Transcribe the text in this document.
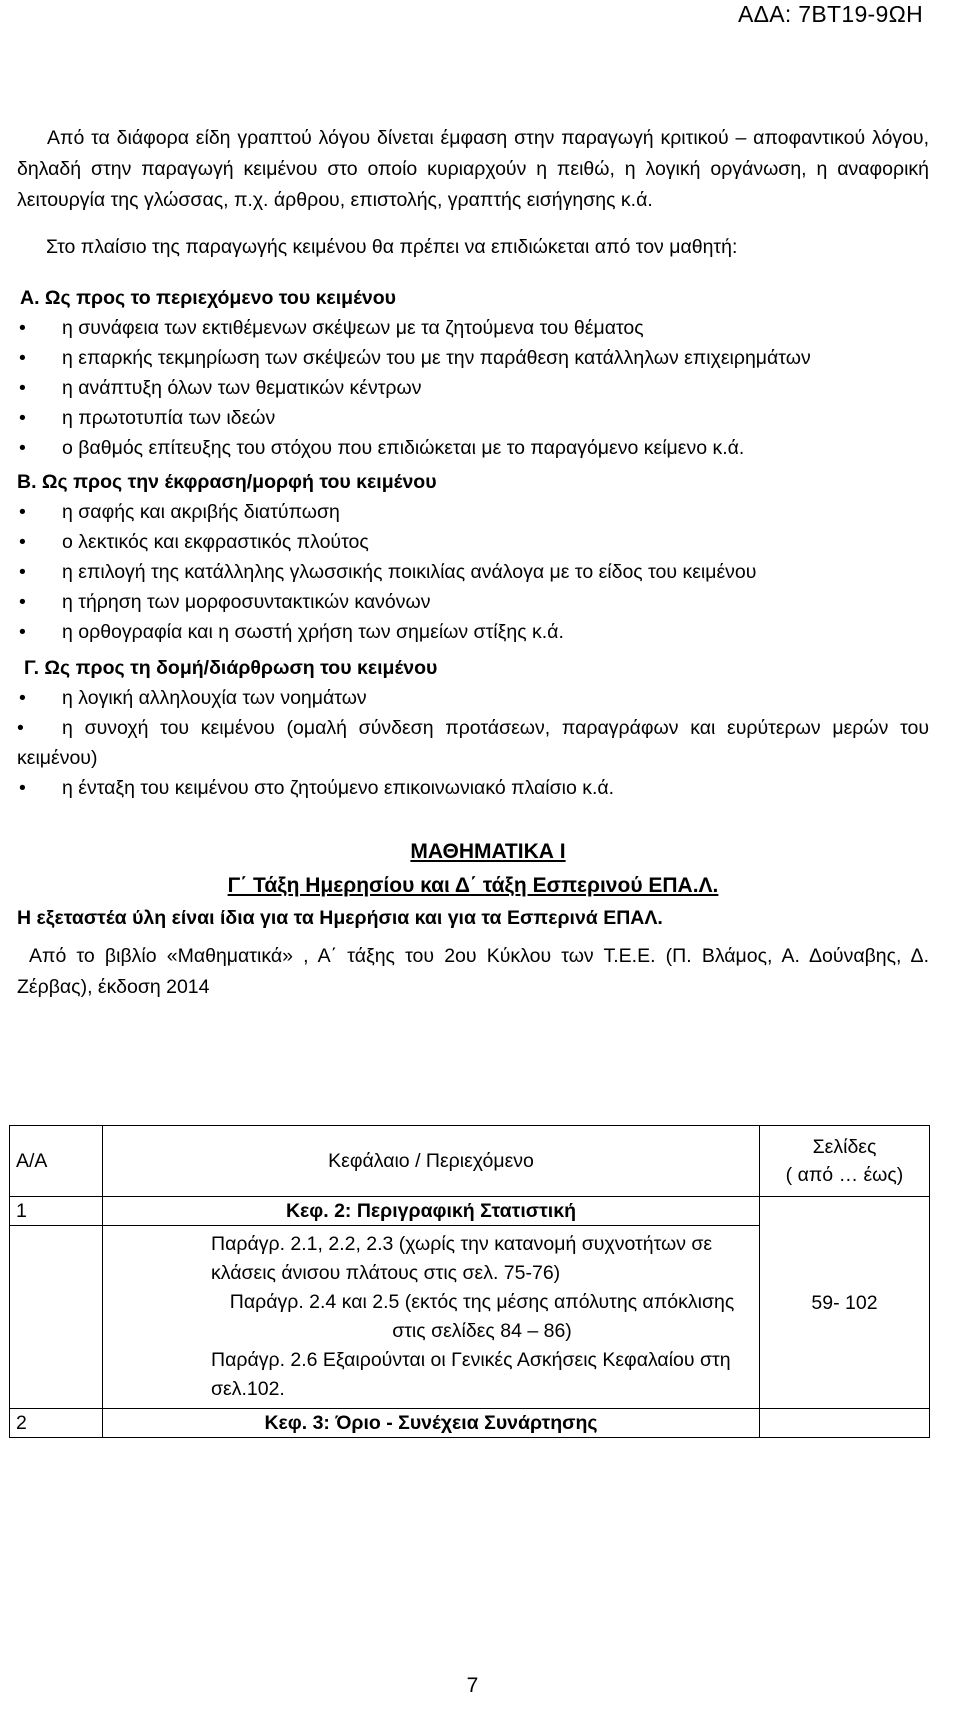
ΑΔΑ: 7ΒΤ19-9ΩΗ

Από τα διάφορα είδη γραπτού λόγου δίνεται έμφαση στην παραγωγή κριτικού – αποφαντικού λόγου, δηλαδή στην παραγωγή κειμένου στο οποίο κυριαρχούν η πειθώ, η λογική οργάνωση, η αναφορική λειτουργία της γλώσσας, π.χ. άρθρου, επιστολής, γραπτής εισήγησης κ.ά.

Στο πλαίσιο της παραγωγής κειμένου θα πρέπει να επιδιώκεται από τον μαθητή:

Α. Ως προς το περιεχόμενο του κειμένου

• η συνάφεια των εκτιθέμενων σκέψεων με τα ζητούμενα του θέματος
• η επαρκής τεκμηρίωση των σκέψεών του με την παράθεση κατάλληλων επιχειρημάτων
• η ανάπτυξη όλων των θεματικών κέντρων
• η πρωτοτυπία των ιδεών
• ο βαθμός επίτευξης του στόχου που επιδιώκεται με το παραγόμενο κείμενο κ.ά.

Β. Ως προς την έκφραση/μορφή του κειμένου

• η σαφής και ακριβής διατύπωση
• ο λεκτικός και εκφραστικός πλούτος
• η επιλογή της κατάλληλης γλωσσικής ποικιλίας ανάλογα με το είδος του κειμένου
• η τήρηση των μορφοσυντακτικών κανόνων
• η ορθογραφία και η σωστή χρήση των σημείων στίξης κ.ά.

Γ. Ως προς τη δομή/διάρθρωση του κειμένου

• η λογική αλληλουχία των νοημάτων
• η συνοχή του κειμένου (ομαλή σύνδεση προτάσεων, παραγράφων και ευρύτερων μερών του κειμένου)
• η ένταξη του κειμένου στο ζητούμενο επικοινωνιακό πλαίσιο κ.ά.

ΜΑΘΗΜΑΤΙΚΑ Ι

Γ΄ Τάξη Ημερησίου και Δ΄ τάξη Εσπερινού ΕΠΑ.Λ.

Η εξεταστέα ύλη είναι ίδια για τα Ημερήσια και για τα Εσπερινά ΕΠΑΛ.

Από το βιβλίο «Μαθηματικά» , Α΄ τάξης του 2ου Κύκλου των Τ.Ε.Ε. (Π. Βλάμος, Α. Δούναβης, Δ. Ζέρβας), έκδοση 2014

Α/Α	Κεφάλαιο / Περιεχόμενο	Σελίδες
( από … έως)

1	Κεφ. 2: Περιγραφική Στατιστική	59- 102

	Παράγρ. 2.1, 2.2, 2.3 (χωρίς την κατανομή συχνοτήτων σε κλάσεις άνισου πλάτους στις σελ. 75-76)

Παράγρ. 2.4 και 2.5 (εκτός της μέσης απόλυτης απόκλισης στις σελίδες 84 – 86)

Παράγρ. 2.6 Εξαιρούνται οι Γενικές Ασκήσεις Κεφαλαίου στη σελ.102.	

2	Κεφ. 3: Όριο - Συνέχεια Συνάρτησης	
7
